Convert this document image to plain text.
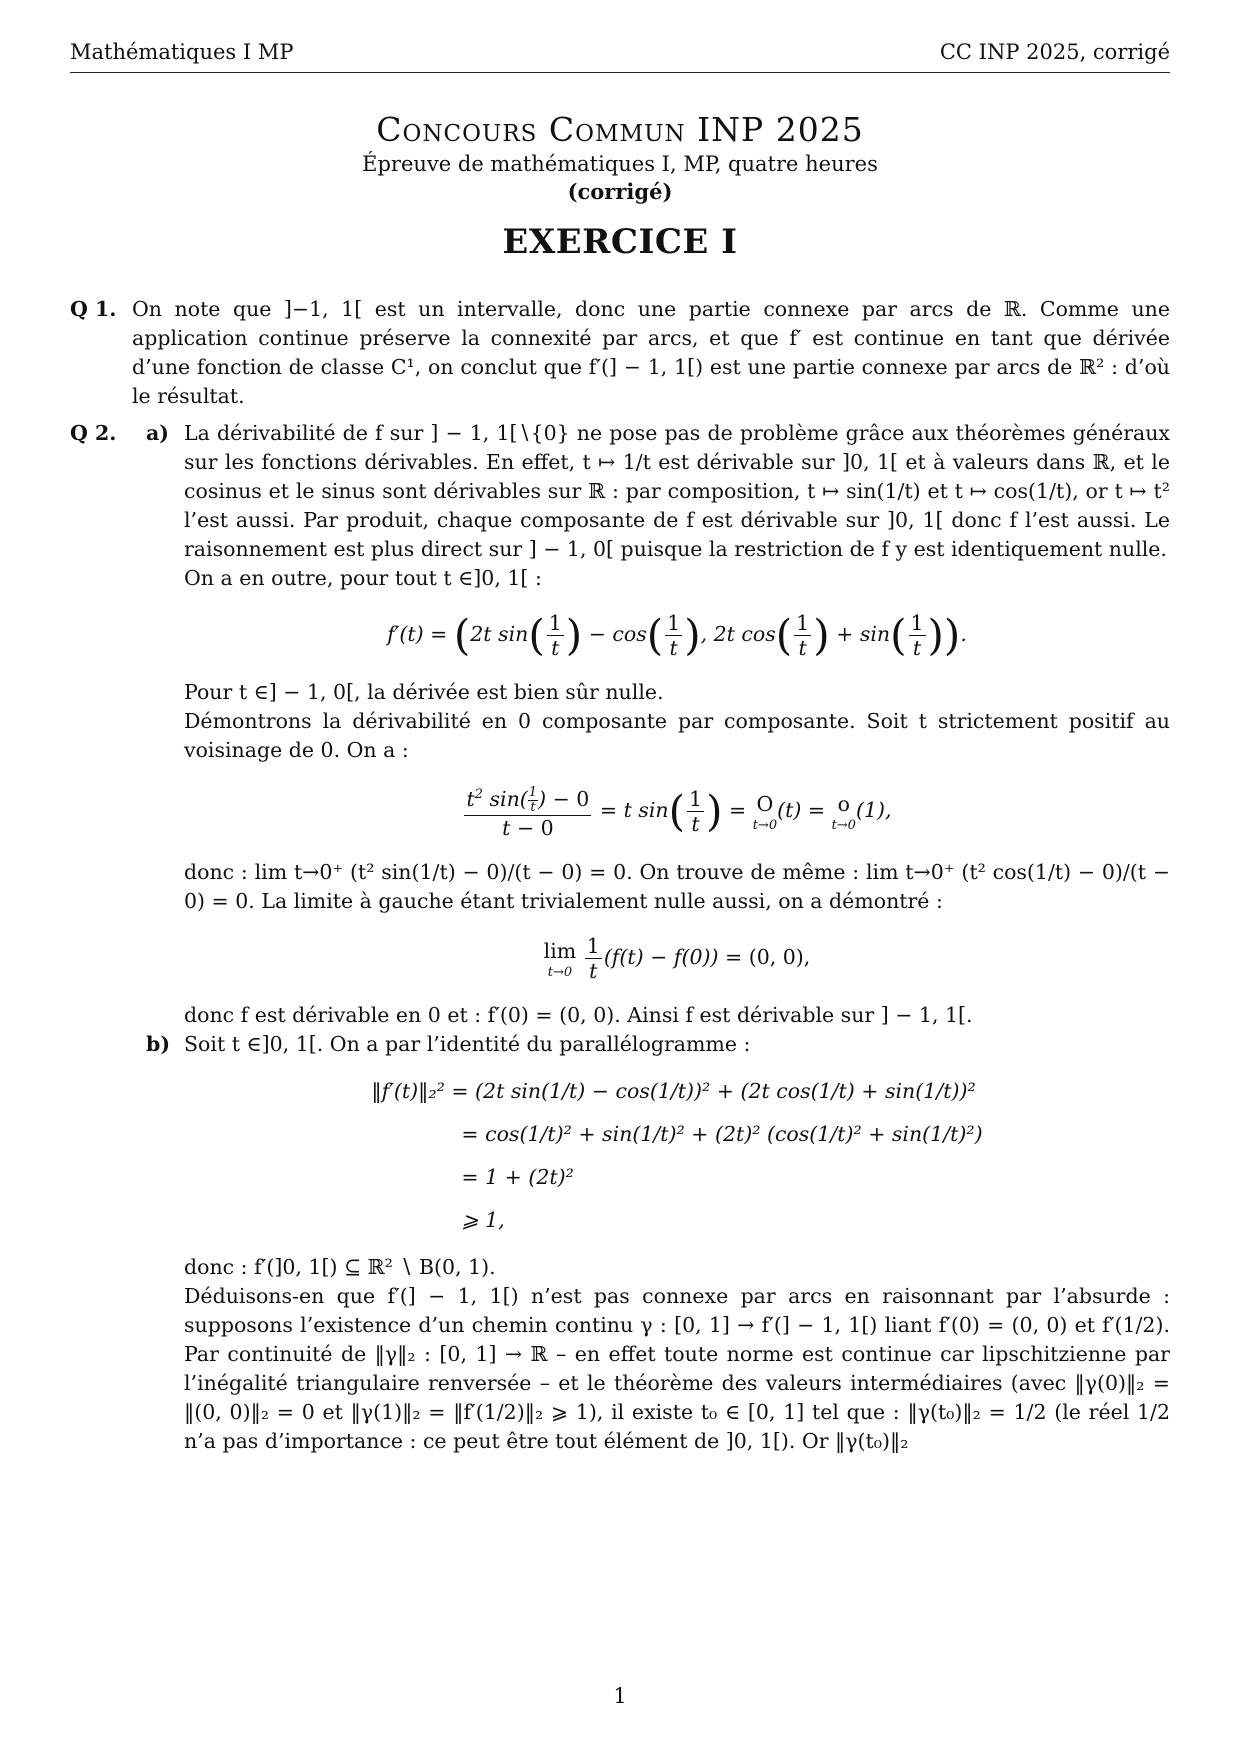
Mathématiques I MP	CC INP 2025, corrigé
Concours Commun INP 2025
Épreuve de mathématiques I, MP, quatre heures
(corrigé)
EXERCICE I
Q 1. On note que ]−1, 1[ est un intervalle, donc une partie connexe par arcs de ℝ. Comme une application continue préserve la connexité par arcs, et que f′ est continue en tant que dérivée d’une fonction de classe C¹, on conclut que f′(] − 1, 1[) est une partie connexe par arcs de ℝ² : d’où le résultat.

Q 2. a) La dérivabilité de f sur ] − 1, 1[∖{0} ne pose pas de problème grâce aux théorèmes généraux sur les fonctions dérivables. En effet, t ↦ 1/t est dérivable sur ]0, 1[ et à valeurs dans ℝ, et le cosinus et le sinus sont dérivables sur ℝ : par composition, t ↦ sin(1/t) et t ↦ cos(1/t), or t ↦ t² l’est aussi. Par produit, chaque composante de f est dérivable sur ]0, 1[ donc f l’est aussi. Le raisonnement est plus direct sur ] − 1, 0[ puisque la restriction de f y est identiquement nulle.

On a en outre, pour tout t ∈]0, 1[ :

f′(t) = (2t $\sin( \frac{1}{t}$ ) − $\cos( \frac{1}{t}$ ), 2t $\cos( \frac{1}{t}$ ) + $\sin( \frac{1}{t}$ )).

Pour t ∈] − 1, 0[, la dérivée est bien sûr nulle.

Démontrons la dérivabilité en 0 composante par composante. Soit t strictement positif au voisinage de 0. On a :

$\frac{t^2 \sin( \frac{1}{t} ) - 0}{t - 0} = t$ $\sin( \frac{1}{t}$ ) = O
t→0
(t) = o
t→0
(1),

donc : lim t→0⁺ (t² sin(1/t) − 0)/(t − 0) = 0. On trouve de même : lim t→0⁺ (t² cos(1/t) − 0)/(t − 0) = 0. La limite à gauche étant trivialement nulle aussi, on a démontré :

lim
t→0
$\frac{1}{t} (f(t) - f(0)) = (0$, 0),

donc f est dérivable en 0 et : f′(0) = (0, 0). Ainsi f est dérivable sur ] − 1, 1[.

b) Soit t ∈]0, 1[. On a par l’identité du parallélogramme :

‖f′(t)‖₂² = (2t sin(1/t) − cos(1/t))² + (2t cos(1/t) + sin(1/t))²
= cos(1/t)² + sin(1/t)² + (2t)² (cos(1/t)² + sin(1/t)²)
= 1 + (2t)²
⩾ 1,

donc : f′(]0, 1[) ⊆ ℝ² ∖ B(0, 1).

Déduisons-en que f′(] − 1, 1[) n’est pas connexe par arcs en raisonnant par l’absurde : supposons l’existence d’un chemin continu γ : [0, 1] → f′(] − 1, 1[) liant f′(0) = (0, 0) et f′(1/2). Par continuité de ‖γ‖₂ : [0, 1] → ℝ – en effet toute norme est continue car lipschitzienne par l’inégalité triangulaire renversée – et le théorème des valeurs intermédiaires (avec ‖γ(0)‖₂ = ‖(0, 0)‖₂ = 0 et ‖γ(1)‖₂ = ‖f′(1/2)‖₂ ⩾ 1), il existe t₀ ∈ [0, 1] tel que : ‖γ(t₀)‖₂ = 1/2 (le réel 1/2 n’a pas d’importance : ce peut être tout élément de ]0, 1[). Or ‖γ(t₀)‖₂

1
